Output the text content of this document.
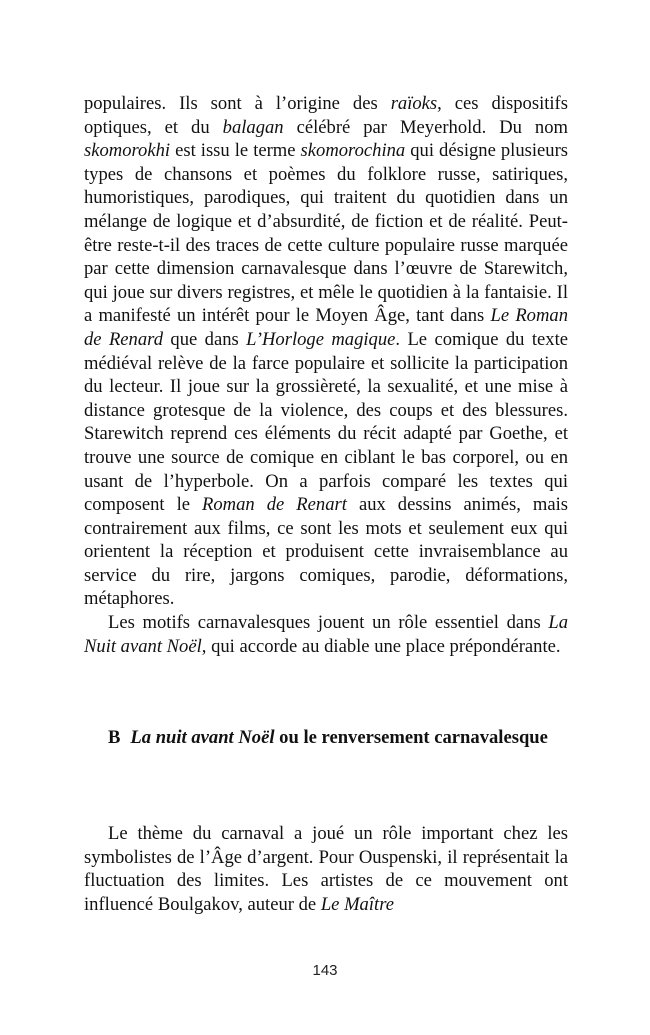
populaires. Ils sont à l’origine des raïoks, ces dispositifs optiques, et du balagan célébré par Meyerhold. Du nom skomorokhi est issu le terme skomorochina qui désigne plusieurs types de chansons et poèmes du folklore russe, satiriques, humoristiques, parodiques, qui traitent du quotidien dans un mélange de logique et d’absurdité, de fiction et de réalité. Peut-être reste-t-il des traces de cette culture populaire russe marquée par cette dimension carnavalesque dans l’œuvre de Starewitch, qui joue sur divers registres, et mêle le quotidien à la fantaisie. Il a manifesté un intérêt pour le Moyen Âge, tant dans Le Roman de Renard que dans L’Horloge magique. Le comique du texte médiéval relève de la farce populaire et sollicite la participation du lecteur. Il joue sur la grossièreté, la sexualité, et une mise à distance grotesque de la violence, des coups et des blessures. Starewitch reprend ces éléments du récit adapté par Goethe, et trouve une source de comique en ciblant le bas corporel, ou en usant de l’hyperbole. On a parfois comparé les textes qui composent le Roman de Renart aux dessins animés, mais contrairement aux films, ce sont les mots et seulement eux qui orientent la réception et produisent cette invraisemblance au service du rire, jargons comiques, parodie, déformations, métaphores.

Les motifs carnavalesques jouent un rôle essentiel dans La Nuit avant Noël, qui accorde au diable une place prépondérante.

B La nuit avant Noël ou le renversement carnavalesque

Le thème du carnaval a joué un rôle important chez les symbolistes de l’Âge d’argent. Pour Ouspenski, il représentait la fluctuation des limites. Les artistes de ce mouvement ont influencé Boulgakov, auteur de Le Maître

143
